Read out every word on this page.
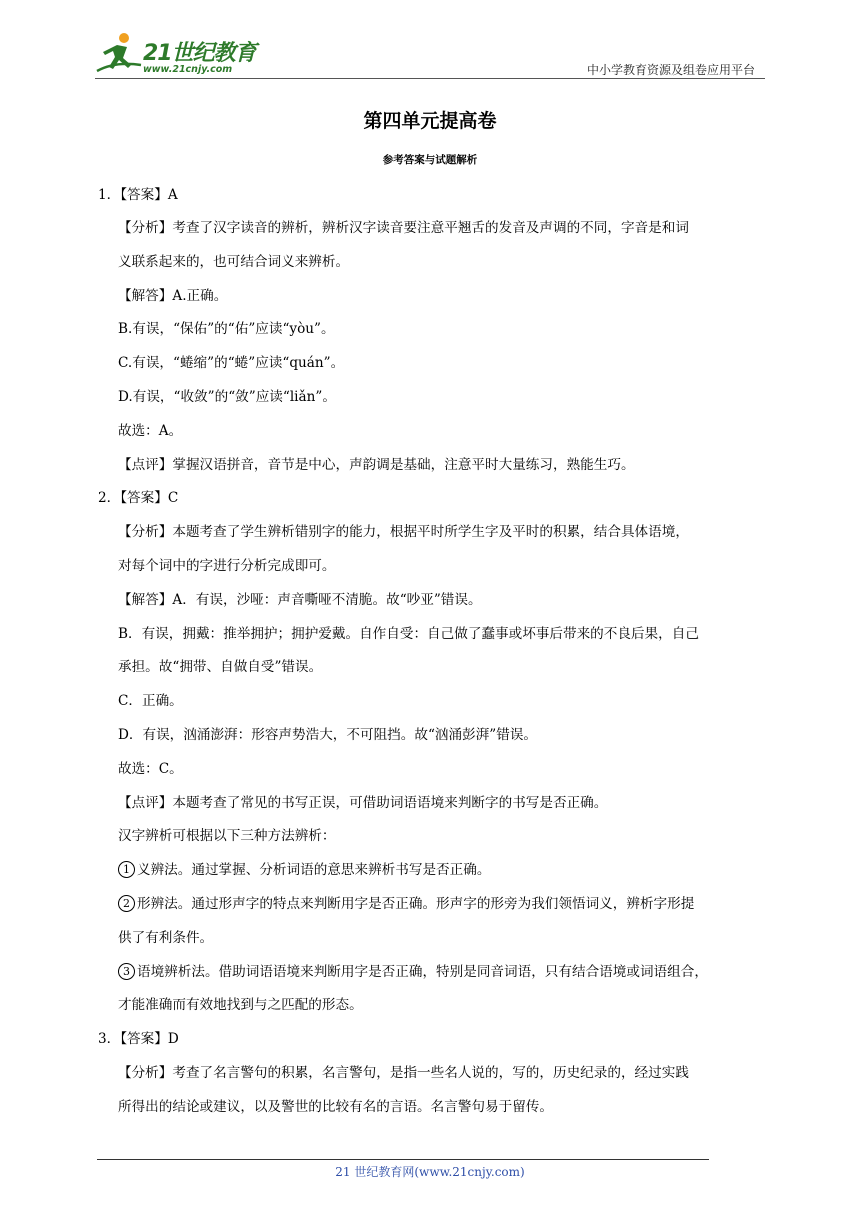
21世纪教育
www.21cnjy.com	中小学教育资源及组卷应用平台
第四单元提高卷
参考答案与试题解析
1．【答案】A
【分析】考查了汉字读音的辨析，辨析汉字读音要注意平翘舌的发音及声调的不同，字音是和词
义联系起来的，也可结合词义来辨析。
【解答】A.正确。
B.有误，“保佑”的“佑”应读“yòu”。
C.有误，“蜷缩”的“蜷”应读“quán”。
D.有误，“收敛”的“敛”应读“liǎn”。
故选：A。
【点评】掌握汉语拼音，音节是中心，声韵调是基础，注意平时大量练习，熟能生巧。
2．【答案】C
【分析】本题考查了学生辨析错别字的能力，根据平时所学生字及平时的积累，结合具体语境，
对每个词中的字进行分析完成即可。
【解答】A．有误，沙哑：声音嘶哑不清脆。故“吵亚”错误。
B．有误，拥戴：推举拥护；拥护爱戴。自作自受：自己做了蠢事或坏事后带来的不良后果，自己
承担。故“拥带、自做自受”错误。
C．正确。
D．有误，汹涌澎湃：形容声势浩大，不可阻挡。故“汹涌彭湃”错误。
故选：C。
【点评】本题考查了常见的书写正误，可借助词语语境来判断字的书写是否正确。
汉字辨析可根据以下三种方法辨析：
1 义辨法。通过掌握、分析词语的意思来辨析书写是否正确。
2 形辨法。通过形声字的特点来判断用字是否正确。形声字的形旁为我们领悟词义，辨析字形提
供了有利条件。
3 语境辨析法。借助词语语境来判断用字是否正确，特别是同音词语，只有结合语境或词语组合，
才能准确而有效地找到与之匹配的形态。
3．【答案】D
【分析】考查了名言警句的积累，名言警句，是指一些名人说的，写的，历史纪录的，经过实践
所得出的结论或建议，以及警世的比较有名的言语。名言警句易于留传。
21 世纪教育网(www.21cnjy.com)
